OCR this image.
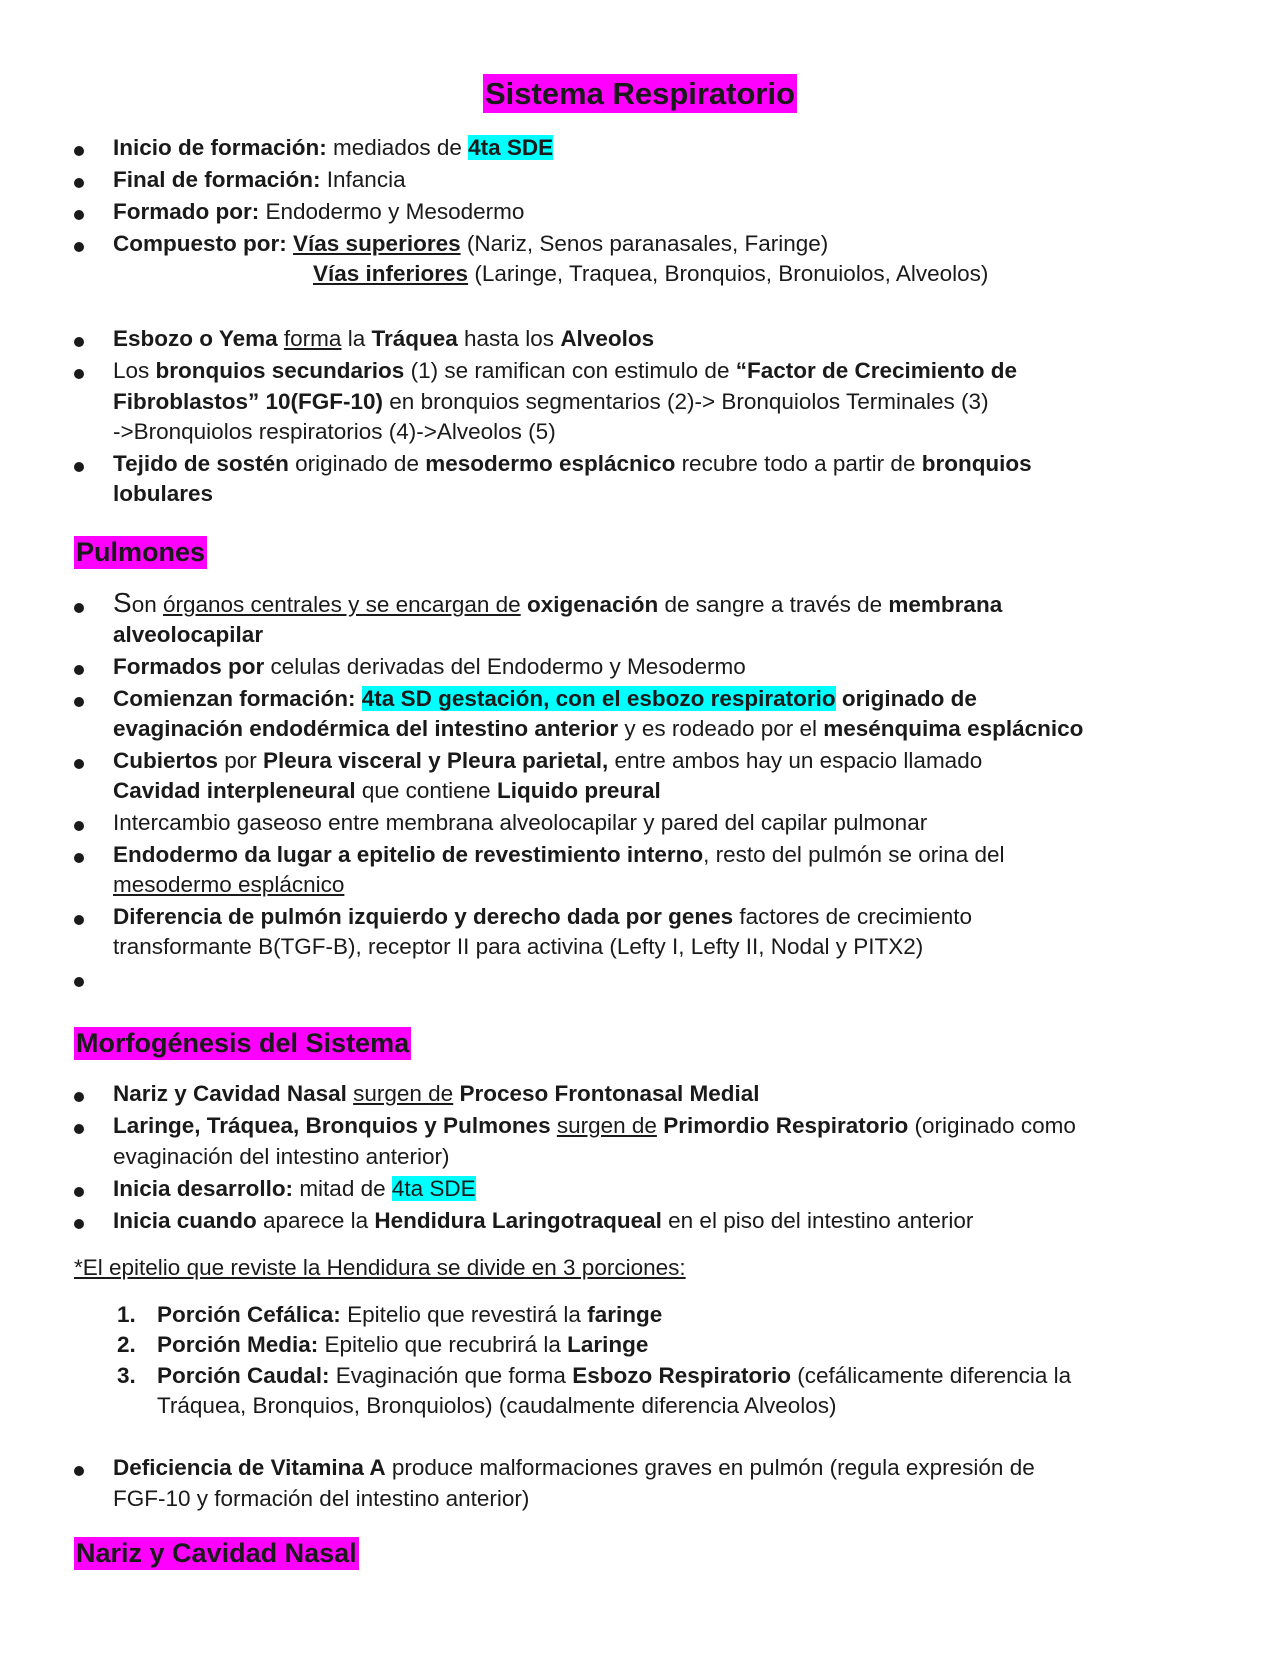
Sistema Respiratorio
Inicio de formación: mediados de 4ta SDE
Final de formación: Infancia
Formado por: Endodermo y Mesodermo
Compuesto por: Vías superiores (Nariz, Senos paranasales, Faringe)
Vías inferiores (Laringe, Traquea, Bronquios, Bronuiolos, Alveolos)
Esbozo o Yema forma la Tráquea hasta los Alveolos
Los bronquios secundarios (1) se ramifican con estimulo de “Factor de Crecimiento de
Fibroblastos” 10(FGF-10) en bronquios segmentarios (2)-> Bronquiolos Terminales (3)
->Bronquiolos respiratorios (4)->Alveolos (5)
Tejido de sostén originado de mesodermo esplácnico recubre todo a partir de bronquios
lobulares
Pulmones
Son órganos centrales y se encargan de oxigenación de sangre a través de membrana
alveolocapilar
Formados por celulas derivadas del Endodermo y Mesodermo
Comienzan formación: 4ta SD gestación, con el esbozo respiratorio originado de
evaginación endodérmica del intestino anterior y es rodeado por el mesénquima esplácnico
Cubiertos por Pleura visceral y Pleura parietal, entre ambos hay un espacio llamado
Cavidad interpleneural que contiene Liquido preural
Intercambio gaseoso entre membrana alveolocapilar y pared del capilar pulmonar
Endodermo da lugar a epitelio de revestimiento interno, resto del pulmón se orina del
mesodermo esplácnico
Diferencia de pulmón izquierdo y derecho dada por genes factores de crecimiento
transformante B(TGF-B), receptor II para activina (Lefty I, Lefty II, Nodal y PITX2)
Morfogénesis del Sistema
Nariz y Cavidad Nasal surgen de Proceso Frontonasal Medial
Laringe, Tráquea, Bronquios y Pulmones surgen de Primordio Respiratorio (originado como
evaginación del intestino anterior)
Inicia desarrollo: mitad de 4ta SDE
Inicia cuando aparece la Hendidura Laringotraqueal en el piso del intestino anterior
*El epitelio que reviste la Hendidura se divide en 3 porciones:
1. Porción Cefálica: Epitelio que revestirá la faringe
2. Porción Media: Epitelio que recubrirá la Laringe
3. Porción Caudal: Evaginación que forma Esbozo Respiratorio (cefálicamente diferencia la
Tráquea, Bronquios, Bronquiolos) (caudalmente diferencia Alveolos)
Deficiencia de Vitamina A produce malformaciones graves en pulmón (regula expresión de
FGF-10 y formación del intestino anterior)
Nariz y Cavidad Nasal
